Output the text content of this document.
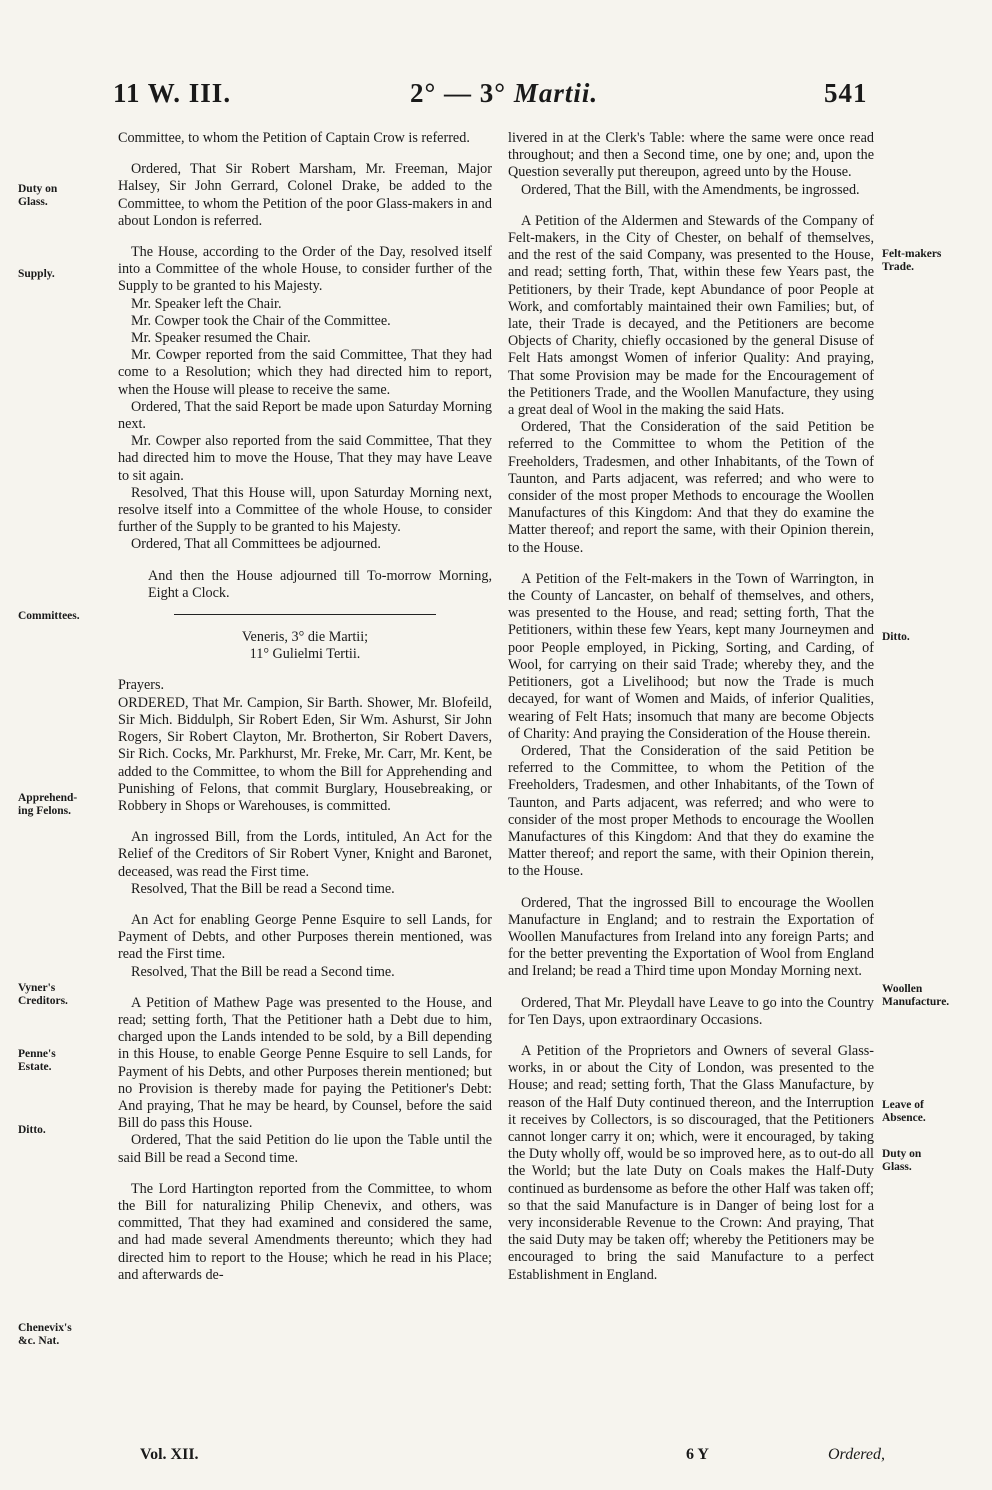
11 W. III.	2° — 3° Martii.	541
Duty on
Glass.
Supply.
Committees.
Apprehend-
ing Felons.
Vyner's
Creditors.
Penne's
Estate.
Ditto.
Chenevix's
&c. Nat.
Felt-makers
Trade.
Ditto.
Woollen
Manufacture.
Leave of
Absence.
Duty on
Glass.

Committee, to whom the Petition of Captain Crow is referred.

Ordered, That Sir Robert Marsham, Mr. Freeman, Major Halsey, Sir John Gerrard, Colonel Drake, be added to the Committee, to whom the Petition of the poor Glass-makers in and about London is referred.

The House, according to the Order of the Day, resolved itself into a Committee of the whole House, to consider further of the Supply to be granted to his Majesty.

Mr. Speaker left the Chair.

Mr. Cowper took the Chair of the Committee.

Mr. Speaker resumed the Chair.

Mr. Cowper reported from the said Committee, That they had come to a Resolution; which they had directed him to report, when the House will please to receive the same.

Ordered, That the said Report be made upon Saturday Morning next.

Mr. Cowper also reported from the said Committee, That they had directed him to move the House, That they may have Leave to sit again.

Resolved, That this House will, upon Saturday Morning next, resolve itself into a Committee of the whole House, to consider further of the Supply to be granted to his Majesty.

Ordered, That all Committees be adjourned.

And then the House adjourned till To-morrow Morning, Eight a Clock.

Veneris, 3° die Martii;

11° Gulielmi Tertii.

Prayers.

ORDERED, That Mr. Campion, Sir Barth. Shower, Mr. Blofeild, Sir Mich. Biddulph, Sir Robert Eden, Sir Wm. Ashurst, Sir John Rogers, Sir Robert Clayton, Mr. Brotherton, Sir Robert Davers, Sir Rich. Cocks, Mr. Parkhurst, Mr. Freke, Mr. Carr, Mr. Kent, be added to the Committee, to whom the Bill for Apprehending and Punishing of Felons, that commit Burglary, Housebreaking, or Robbery in Shops or Warehouses, is committed.

An ingrossed Bill, from the Lords, intituled, An Act for the Relief of the Creditors of Sir Robert Vyner, Knight and Baronet, deceased, was read the First time.

Resolved, That the Bill be read a Second time.

An Act for enabling George Penne Esquire to sell Lands, for Payment of Debts, and other Purposes therein mentioned, was read the First time.

Resolved, That the Bill be read a Second time.

A Petition of Mathew Page was presented to the House, and read; setting forth, That the Petitioner hath a Debt due to him, charged upon the Lands intended to be sold, by a Bill depending in this House, to enable George Penne Esquire to sell Lands, for Payment of his Debts, and other Purposes therein mentioned; but no Provision is thereby made for paying the Petitioner's Debt: And praying, That he may be heard, by Counsel, before the said Bill do pass this House.

Ordered, That the said Petition do lie upon the Table until the said Bill be read a Second time.

The Lord Hartington reported from the Committee, to whom the Bill for naturalizing Philip Chenevix, and others, was committed, That they had examined and considered the same, and had made several Amendments thereunto; which they had directed him to report to the House; which he read in his Place; and afterwards de-

livered in at the Clerk's Table: where the same were once read throughout; and then a Second time, one by one; and, upon the Question severally put thereupon, agreed unto by the House.

Ordered, That the Bill, with the Amendments, be ingrossed.

A Petition of the Aldermen and Stewards of the Company of Felt-makers, in the City of Chester, on behalf of themselves, and the rest of the said Company, was presented to the House, and read; setting forth, That, within these few Years past, the Petitioners, by their Trade, kept Abundance of poor People at Work, and comfortably maintained their own Families; but, of late, their Trade is decayed, and the Petitioners are become Objects of Charity, chiefly occasioned by the general Disuse of Felt Hats amongst Women of inferior Quality: And praying, That some Provision may be made for the Encouragement of the Petitioners Trade, and the Woollen Manufacture, they using a great deal of Wool in the making the said Hats.

Ordered, That the Consideration of the said Petition be referred to the Committee to whom the Petition of the Freeholders, Tradesmen, and other Inhabitants, of the Town of Taunton, and Parts adjacent, was referred; and who were to consider of the most proper Methods to encourage the Woollen Manufactures of this Kingdom: And that they do examine the Matter thereof; and report the same, with their Opinion therein, to the House.

A Petition of the Felt-makers in the Town of Warrington, in the County of Lancaster, on behalf of themselves, and others, was presented to the House, and read; setting forth, That the Petitioners, within these few Years, kept many Journeymen and poor People employed, in Picking, Sorting, and Carding, of Wool, for carrying on their said Trade; whereby they, and the Petitioners, got a Livelihood; but now the Trade is much decayed, for want of Women and Maids, of inferior Qualities, wearing of Felt Hats; insomuch that many are become Objects of Charity: And praying the Consideration of the House therein.

Ordered, That the Consideration of the said Petition be referred to the Committee, to whom the Petition of the Freeholders, Tradesmen, and other Inhabitants, of the Town of Taunton, and Parts adjacent, was referred; and who were to consider of the most proper Methods to encourage the Woollen Manufactures of this Kingdom: And that they do examine the Matter thereof; and report the same, with their Opinion therein, to the House.

Ordered, That the ingrossed Bill to encourage the Woollen Manufacture in England; and to restrain the Exportation of Woollen Manufactures from Ireland into any foreign Parts; and for the better preventing the Exportation of Wool from England and Ireland; be read a Third time upon Monday Morning next.

Ordered, That Mr. Pleydall have Leave to go into the Country for Ten Days, upon extraordinary Occasions.

A Petition of the Proprietors and Owners of several Glass-works, in or about the City of London, was presented to the House; and read; setting forth, That the Glass Manufacture, by reason of the Half Duty continued thereon, and the Interruption it receives by Collectors, is so discouraged, that the Petitioners cannot longer carry it on; which, were it encouraged, by taking the Duty wholly off, would be so improved here, as to out-do all the World; but the late Duty on Coals makes the Half-Duty continued as burdensome as before the other Half was taken off; so that the said Manufacture is in Danger of being lost for a very inconsiderable Revenue to the Crown: And praying, That the said Duty may be taken off; whereby the Petitioners may be encouraged to bring the said Manufacture to a perfect Establishment in England.

Vol. XII.	6 Y	Ordered,
